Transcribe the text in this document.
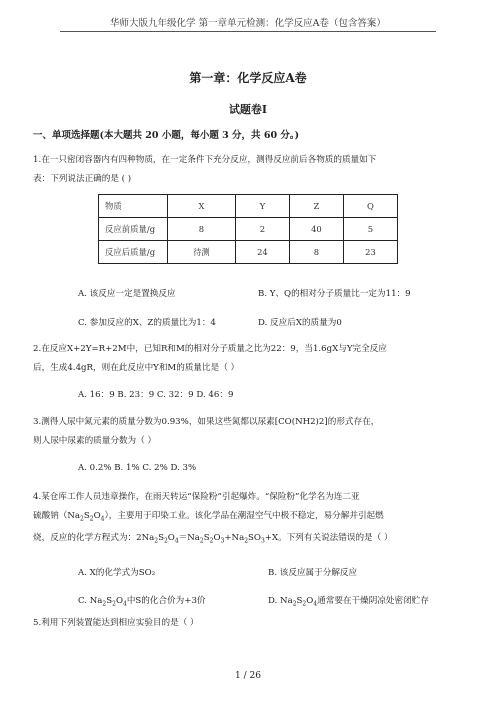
华师大版九年级化学 第一章单元检测：化学反应A卷（包含答案）
第一章：化学反应A卷
试题卷Ⅰ
一、单项选择题(本大题共 20 小题，每小题 3 分，共 60 分。)
1.在一只密闭容器内有四种物质，在一定条件下充分反应，测得反应前后各物质的质量如下
表：下列说法正确的是 ( )
物质	X	Y	Z	Q
反应前质量/g	8	2	40	5
反应后质量/g	待测	24	8	23
A. 该反应一定是置换反应	B. Y、Q的相对分子质量比一定为11：9
C. 参加反应的X、Z的质量比为1：4	D. 反应后X的质量为0
2.在反应X+2Y=R+2M中，已知R和M的相对分子质量之比为22：9，当1.6gX与Y完全反应
后，生成4.4gR，则在此反应中Y和M的质量比是（ ）
A. 16：9 B. 23：9 C. 32：9 D. 46：9
3.测得人尿中氮元素的质量分数为0.93%，如果这些氮都以尿素[CO(NH2)2]的形式存在，
则人尿中尿素的质量分数为（ ）
A. 0.2% B. 1% C. 2% D. 3%
4.某仓库工作人员违章操作，在雨天转运“保险粉”引起爆炸。“保险粉”化学名为连二亚
硫酸钠$(Na_2S_2O_4)$，主要用于印染工业。该化学品在潮湿空气中极不稳定，易分解并引起燃
烧，反应的化学方程式为：$2Na_2S_2O_4=Na_2S_2O_3+Na_2SO_3+X$。下列有关说法错误的是（ ）
A. X的化学式为SO₂	B. 该反应属于分解反应
C. $Na_2S_2O_4$中S的化合价为+3价	D. $Na_2S_2O_4$通常要在干燥阴凉处密闭贮存
5.利用下列装置能达到相应实验目的是（ ）
1 / 26
